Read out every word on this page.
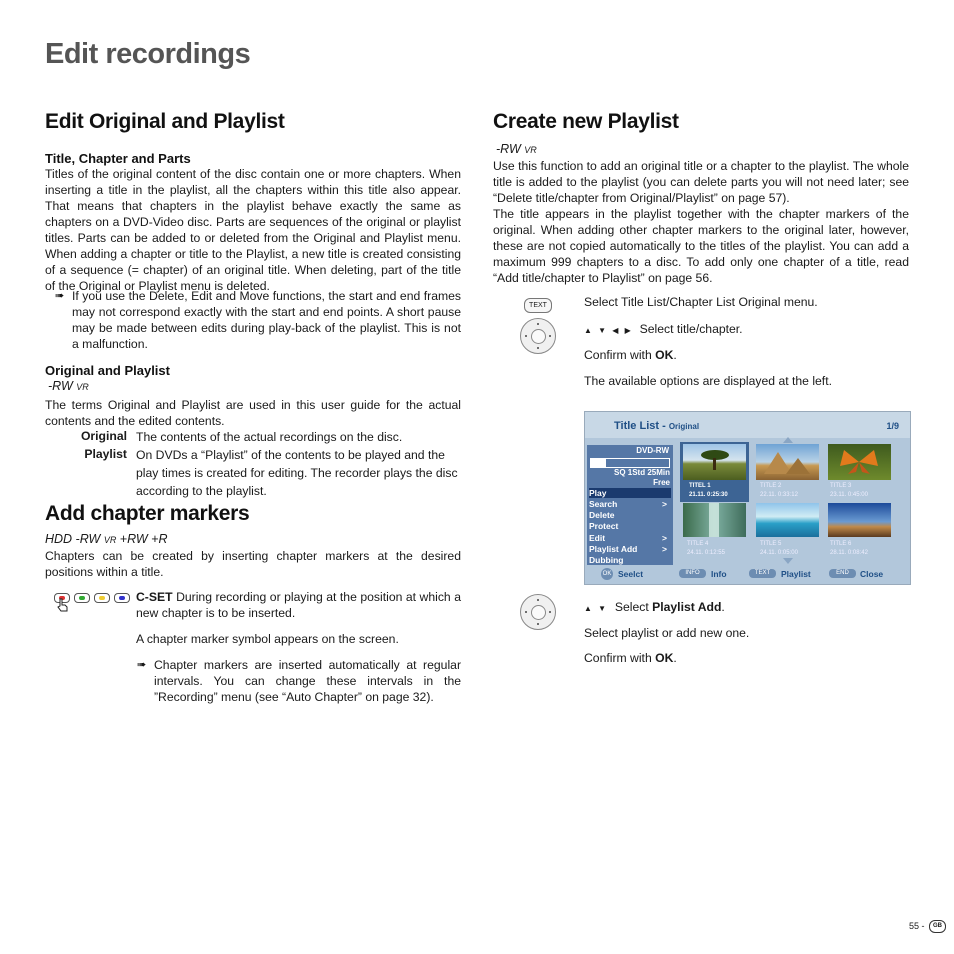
Edit recordings
Edit Original and Playlist
Title, Chapter and Parts
Titles of the original content of the disc contain one or more chapters. When inserting a title in the playlist, all the chapters within this title also appear. That means that chapters in the playlist behave exactly the same as chapters on a DVD-Video disc. Parts are sequences of the original or playlist titles. Parts can be added to or deleted from the Original and Playlist menu. When adding a chapter or title to the Playlist, a new title is created consisting of a sequence (= chapter) of an original title. When deleting, part of the title of the Original or Playlist menu is deleted.
➠ If you use the Delete, Edit and Move functions, the start and end frames may not correspond exactly with the start and end points. A short pause may be made between edits during play-back of the playlist. This is not a malfunction.
Original and Playlist
-RW VR
The terms Original and Playlist are used in this user guide for the actual contents and the edited contents.
Original The contents of the actual recordings on the disc.
Playlist On DVDs a “Playlist” of the contents to be played and the play times is created for editing. The recorder plays the disc according to the playlist.
Add chapter markers
HDD -RW VR +RW +R
Chapters can be created by inserting chapter markers at the desired positions within a title.
C-SET During recording or playing at the position at which a new chapter is to be inserted.
A chapter marker symbol appears on the screen.
➠ Chapter markers are inserted automatically at regular intervals. You can change these intervals in the ”Recording” menu (see “Auto Chapter” on page 32).
Create new Playlist
-RW VR
Use this function to add an original title or a chapter to the playlist. The whole title is added to the playlist (you can delete parts you will not need later; see “Delete title/chapter from Original/Playlist” on page 57).
The title appears in the playlist together with the chapter markers of the original. When adding other chapter markers to the original later, however, these are not copied automatically to the titles of the playlist. You can add a maximum 999 chapters to a disc. To add only one chapter of a title, read “Add title/chapter to Playlist” on page 56.
TEXT	Select Title List/Chapter List Original menu.
▲ ▼ ◀ ▶ Select title/chapter.
Confirm with OK.
The available options are displayed at the left.
Title List - Original	1/9
DVD-RW
SQ 1Std 25Min
Free
Play
Search	>
Delete
Protect
Edit	>
Playlist Add	>
Dubbing
TITEL 1
21.11. 0:25:30
TITLE 2
22.11. 0:33:12
TITLE 3
23.11. 0:45:00
TITLE 4
24.11. 0:12:55
TITLE 5
24.11. 0:05:00
TITLE 6
28.11. 0:08:42
OK Seelct	INFO	Info	TEXT	Playlist	END	Close
▲ ▼ Select Playlist Add.
Select playlist or add new one.
Confirm with OK.
55 -	GB
